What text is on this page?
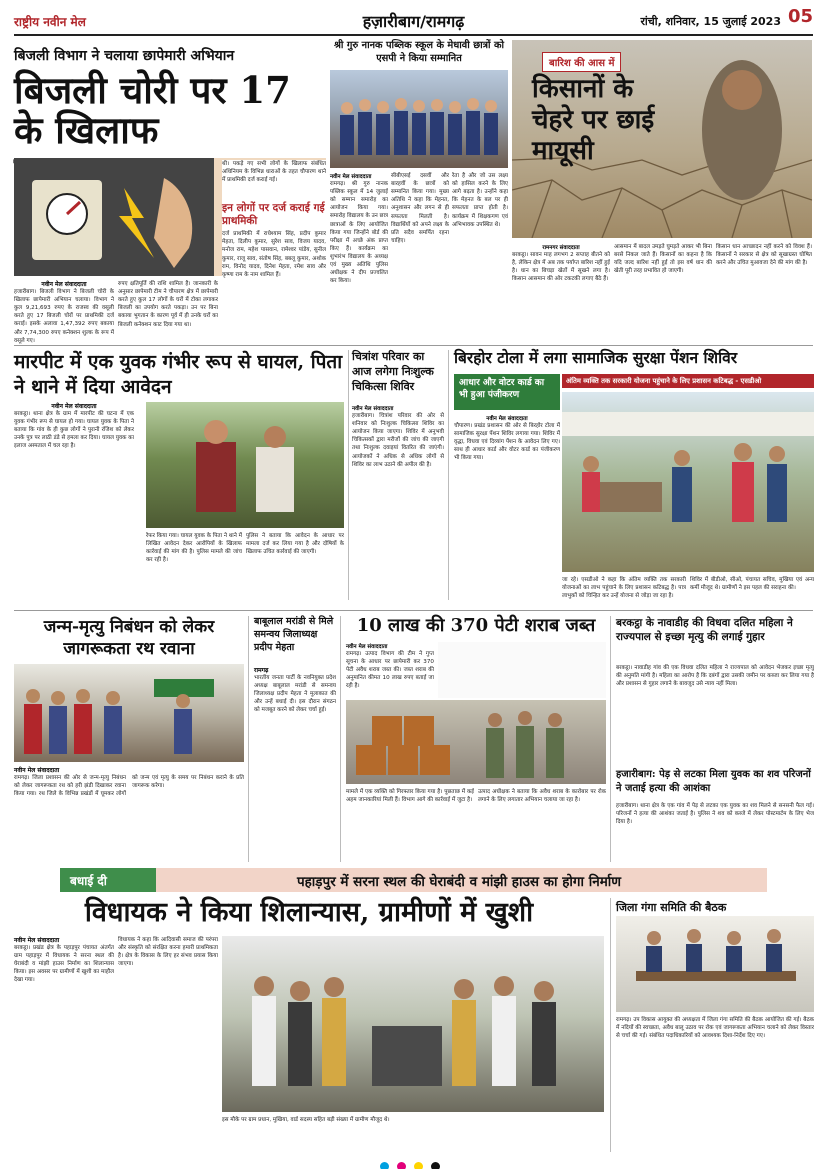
राष्ट्रीय नवीन मेल	हज़ारीबाग/रामगढ़	रांची, शनिवार, 15 जुलाई 2023 05
बिजली विभाग ने चलाया छापेमारी अभियान
बिजली चोरी पर 17 के खिलाफ
नवीन मेल संवाददाता
हजारीबाग। बिजली विभाग ने बिजली चोरी के खिलाफ छापेमारी अभियान चलाया। विभाग ने कुल 9,21,693 रुपए के राजस्व की वसूली करते हुए 17 बिजली चोरों पर प्राथमिकी दर्ज कराई। इसके अलावा 1,47,392 रुपए बकाया और 7,74,300 रुपए कनेक्शन शुल्क के रूप में वसूले गए।
रुपए क्षतिपूर्ति की राशि शामिल है। जानकारी के अनुसार छापेमारी टीम ने चौपारण क्षेत्र में छापेमारी करते हुए कुल 17 लोगों के घरों में टोका लगाकर बिजली का उपयोग करते पकड़ा। उन पर बिना बकाया भुगतान के कारण पूर्व में ही उनके घरों का बिजली कनेक्शन काट दिया गया था।
थी। पकड़े गए सभी लोगों के खिलाफ संबंधित अधिनियम के विभिन्न धाराओं के तहत चौपारण थाने में प्राथमिकी दर्ज कराई गई।
इन लोगों पर दर्ज कराई गई प्राथमिकी
दर्ज प्राथमिकी में राधेश्याम सिंह, प्रदीप कुमार मेहता, दिलीप कुमार, सुरेश साव, विजय यादव, मनोज राम, महेश पासवान, रामेश्वर पांडेय, सुनील कुमार, राजू साव, संतोष सिंह, बबलू कुमार, अशोक राम, विनोद यादव, दिनेश मेहता, रमेश साव और कृष्णा राम के नाम शामिल हैं।
श्री गुरु नानक पब्लिक स्कूल के मेधावी छात्रों को एसपी ने किया सम्मानित
नवीन मेल संवाददाता
रामगढ़। श्री गुरु नानक पब्लिक स्कूल में 14 जुलाई को सम्मान समारोह का आयोजन किया गया। समारोह विद्यालय के उन छात्र छात्राओं के लिए आयोजित किया गया जिन्होंने बोर्ड की परीक्षा में अच्छे अंक प्राप्त किए हैं। कार्यक्रम का शुभारंभ विद्यालय के अध्यक्ष एवं मुख्य अतिथि पुलिस अधीक्षक ने दीप प्रज्वलित कर किया।
सीबीएसई दसवीं और बारहवीं के छात्रों को सम्मानित किया गया। मुख्य अतिथि ने कहा कि मेहनत, अनुशासन और लगन से ही सफलता मिलती है। विद्यार्थियों को अपने लक्ष्य के प्रति सदैव समर्पित रहना चाहिए।
रेता है और जो उस लक्ष्य को हासिल करने के लिए आगे बढ़ता है। उन्होंने कहा कि मेहनत के बल पर ही सफलता प्राप्त होती है। कार्यक्रम में शिक्षकगण एवं अभिभावक उपस्थित थे।
बारिश की आस में
किसानों के चेहरे पर छाई मायूसी
रामनगर संवाददाता
बरकट्ठा। सावन माह लगभग 2 सप्ताह बीतने को है, लेकिन क्षेत्र में अब तक पर्याप्त बारिश नहीं हुई है। धान का बिचड़ा खेतों में सूखने लगा है। किसान आसमान की ओर टकटकी लगाए बैठे हैं।
आसमान में बादल उमड़ते घुमड़ते आकर भी बिना बरसे निकल जाते हैं। किसानों का कहना है कि यदि जल्द बारिश नहीं हुई तो इस वर्ष धान की खेती पूरी तरह प्रभावित हो जाएगी।
किसान धान आच्छादन नहीं करने को विवश हैं। किसानों ने सरकार से क्षेत्र को सूखाग्रस्त घोषित करने और उचित मुआवजा देने की मांग की है।
मारपीट में एक युवक गंभीर रूप से घायल, पिता ने थाने में दिया आवेदन
नवीन मेल संवाददाता
बरकट्ठा। थाना क्षेत्र के ग्राम में मारपीट की घटना में एक युवक गंभीर रूप से घायल हो गया। घायल युवक के पिता ने बताया कि गांव के ही कुछ लोगों ने पुरानी रंजिश को लेकर उनके पुत्र पर लाठी डंडे से हमला कर दिया। घायल युवक का इलाज अस्पताल में चल रहा है।
रेफर किया गया। घायल युवक के पिता ने थाने में लिखित आवेदन देकर आरोपियों के खिलाफ कार्रवाई की मांग की है। पुलिस मामले की जांच कर रही है।
पुलिस ने बताया कि आवेदन के आधार पर मामला दर्ज कर लिया गया है और दोषियों के खिलाफ उचित कार्रवाई की जाएगी।
चित्रांश परिवार का आज लगेगा निःशुल्क चिकित्सा शिविर
नवीन मेल संवाददाता
हजारीबाग। चित्रांश परिवार की ओर से शनिवार को निःशुल्क चिकित्सा शिविर का आयोजन किया जाएगा। शिविर में अनुभवी चिकित्सकों द्वारा मरीजों की जांच की जाएगी तथा निःशुल्क दवाइयां वितरित की जाएंगी। आयोजकों ने अधिक से अधिक लोगों से शिविर का लाभ उठाने की अपील की है।
बिरहोर टोला में लगा सामाजिक सुरक्षा पेंशन शिविर
आधार और वोटर कार्ड का भी हुआ पंजीकरण
अंतिम व्यक्ति तक सरकारी योजना पहुंचाने के लिए प्रशासन कटिबद्ध - एसडीओ
नवीन मेल संवाददाता
चौपारण। प्रखंड प्रशासन की ओर से बिरहोर टोला में सामाजिक सुरक्षा पेंशन शिविर लगाया गया। शिविर में वृद्धा, विधवा एवं दिव्यांग पेंशन के आवेदन लिए गए। साथ ही आधार कार्ड और वोटर कार्ड का पंजीकरण भी किया गया।
जा रहे। एसडीओ ने कहा कि अंतिम व्यक्ति तक सरकारी योजनाओं का लाभ पहुंचाने के लिए प्रशासन कटिबद्ध है। पात्र लाभुकों को चिन्हित कर उन्हें योजना से जोड़ा जा रहा है।
शिविर में बीडीओ, सीओ, पंचायत सचिव, मुखिया एवं अन्य कर्मी मौजूद थे। ग्रामीणों ने इस पहल की सराहना की।
जन्म-मृत्यु निबंधन को लेकर जागरूकता रथ रवाना
नवीन मेल संवाददाता
रामगढ़। जिला प्रशासन की ओर से जन्म-मृत्यु निबंधन को लेकर जागरूकता रथ को हरी झंडी दिखाकर रवाना किया गया। रथ जिले के विभिन्न प्रखंडों में घूमकर लोगों को जन्म एवं मृत्यु के समय पर निबंधन कराने के प्रति जागरूक करेगा।
बाबूलाल मरांडी से मिले समन्वय जिलाध्यक्ष प्रदीप मेहता
रामगढ़
भारतीय जनता पार्टी के नवनियुक्त प्रदेश अध्यक्ष बाबूलाल मरांडी से समन्वय जिलाध्यक्ष प्रदीप मेहता ने मुलाकात की और उन्हें बधाई दी। इस दौरान संगठन को मजबूत करने को लेकर चर्चा हुई।
10 लाख की 370 पेटी शराब जब्त
नवीन मेल संवाददाता
रामगढ़। उत्पाद विभाग की टीम ने गुप्त सूचना के आधार पर छापेमारी कर 370 पेटी अवैध शराब जब्त की। जब्त शराब की अनुमानित कीमत 10 लाख रुपए बताई जा रही है।
मामले में एक व्यक्ति को गिरफ्तार किया गया है। पूछताछ में कई अहम जानकारियां मिली हैं। विभाग आगे की कार्रवाई में जुटा है।
उत्पाद अधीक्षक ने बताया कि अवैध शराब के कारोबार पर रोक लगाने के लिए लगातार अभियान चलाया जा रहा है।
बरकट्ठा के नावाडीह की विधवा दलित महिला ने राज्यपाल से इच्छा मृत्यु की लगाई गुहार
बरकट्ठा। नावाडीह गांव की एक विधवा दलित महिला ने राज्यपाल को आवेदन भेजकर इच्छा मृत्यु की अनुमति मांगी है। महिला का आरोप है कि दबंगों द्वारा उसकी जमीन पर कब्जा कर लिया गया है और प्रशासन से गुहार लगाने के बावजूद उसे न्याय नहीं मिला।
हजारीबाग: पेड़ से लटका मिला युवक का शव परिजनों ने जताई हत्या की आशंका
हजारीबाग। थाना क्षेत्र के एक गांव में पेड़ से लटका एक युवक का शव मिलने से सनसनी फैल गई। परिजनों ने हत्या की आशंका जताई है। पुलिस ने शव को कब्जे में लेकर पोस्टमार्टम के लिए भेज दिया है।
बधाई दी	पहाड़पुर में सरना स्थल की घेराबंदी व मांझी हाउस का होगा निर्माण
विधायक ने किया शिलान्यास, ग्रामीणों में खुशी
नवीन मेल संवाददाता
बरकट्ठा। प्रखंड क्षेत्र के पहाड़पुर पंचायत अंतर्गत ग्राम पहाड़पुर में विधायक ने सरना स्थल की घेराबंदी व मांझी हाउस निर्माण का शिलान्यास किया। इस अवसर पर ग्रामीणों में खुशी का माहौल देखा गया।
विधायक ने कहा कि आदिवासी समाज की परंपरा और संस्कृति को संरक्षित करना हमारी प्राथमिकता है। क्षेत्र के विकास के लिए हर संभव प्रयास किया जाएगा।
इस मौके पर ग्राम प्रधान, मुखिया, वार्ड सदस्य सहित बड़ी संख्या में ग्रामीण मौजूद थे।
जिला गंगा समिति की बैठक
रामगढ़। उप विकास आयुक्त की अध्यक्षता में जिला गंगा समिति की बैठक आयोजित की गई। बैठक में नदियों की स्वच्छता, अवैध बालू उठाव पर रोक एवं जागरूकता अभियान चलाने को लेकर विस्तार से चर्चा की गई। संबंधित पदाधिकारियों को आवश्यक दिशा-निर्देश दिए गए।
